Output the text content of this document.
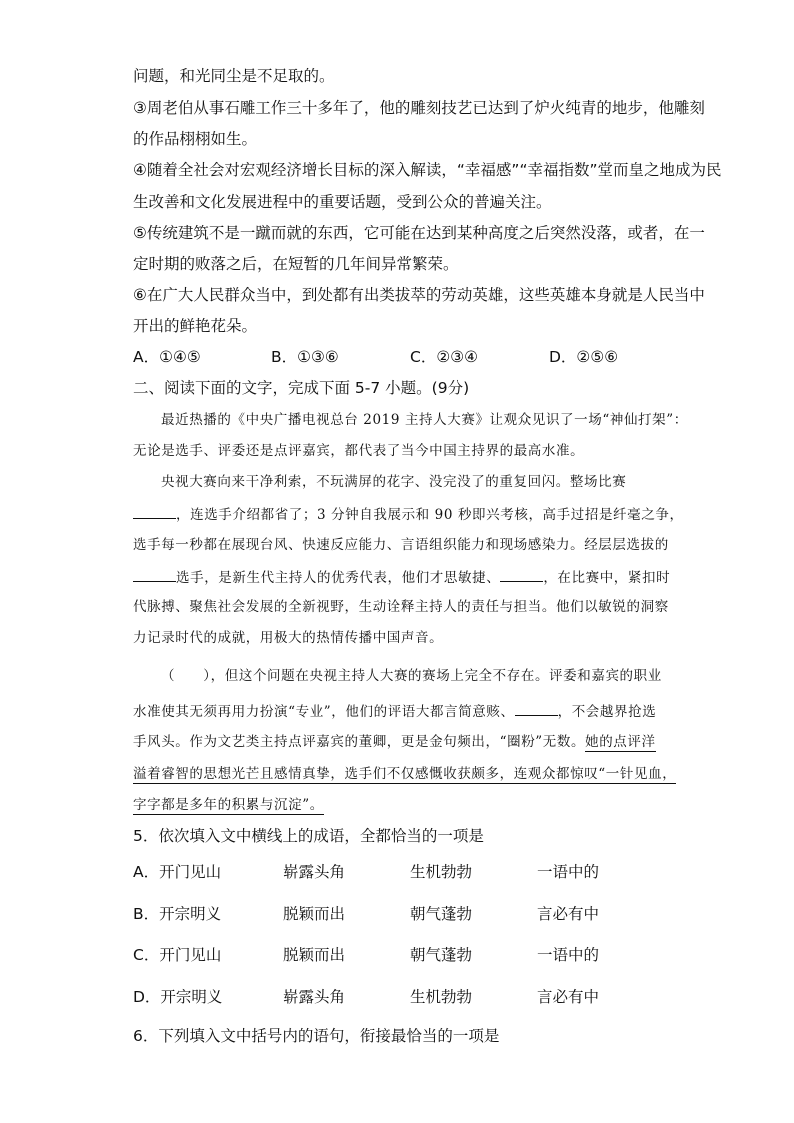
问题，和光同尘是不足取的。
③周老伯从事石雕工作三十多年了，他的雕刻技艺已达到了炉火纯青的地步，他雕刻
的作品栩栩如生。
④随着全社会对宏观经济增长目标的深入解读，“幸福感”“幸福指数”堂而皇之地成为民
生改善和文化发展进程中的重要话题，受到公众的普遍关注。
⑤传统建筑不是一蹴而就的东西，它可能在达到某种高度之后突然没落，或者，在一
定时期的败落之后，在短暂的几年间异常繁荣。
⑥在广大人民群众当中，到处都有出类拔萃的劳动英雄，这些英雄本身就是人民当中
开出的鲜艳花朵。
A．①④⑤	B．①③⑥	C．②③④	D．②⑤⑥
二、阅读下面的文字，完成下面 5-7 小题。(9分)
最近热播的《中央广播电视总台 2019 主持人大赛》让观众见识了一场“神仙打架”：
无论是选手、评委还是点评嘉宾，都代表了当今中国主持界的最高水准。
央视大赛向来干净利索，不玩满屏的花字、没完没了的重复回闪。整场比赛
，连选手介绍都省了；3 分钟自我展示和 90 秒即兴考核，高手过招是纤毫之争，
选手每一秒都在展现台风、快速反应能力、言语组织能力和现场感染力。经层层选拔的
选手，是新生代主持人的优秀代表，他们才思敏捷、	，在比赛中，紧扣时
代脉搏、聚焦社会发展的全新视野，生动诠释主持人的责任与担当。他们以敏锐的洞察
力记录时代的成就，用极大的热情传播中国声音。
（　　），但这个问题在央视主持人大赛的赛场上完全不存在。评委和嘉宾的职业
水准使其无须再用力扮演“专业”，他们的评语大都言简意赅、	，不会越界抢选
手风头。作为文艺类主持点评嘉宾的董卿，更是金句频出，“圈粉”无数。她的点评洋
溢着睿智的思想光芒且感情真挚，选手们不仅感慨收获颇多，连观众都惊叹“一针见血，
字字都是多年的积累与沉淀”。
5．依次填入文中横线上的成语，全都恰当的一项是
A．开门见山	崭露头角	生机勃勃	一语中的
B．开宗明义	脱颖而出	朝气蓬勃	言必有中
C．开门见山	脱颖而出	朝气蓬勃	一语中的
D．开宗明义	崭露头角	生机勃勃	言必有中
6．下列填入文中括号内的语句，衔接最恰当的一项是
